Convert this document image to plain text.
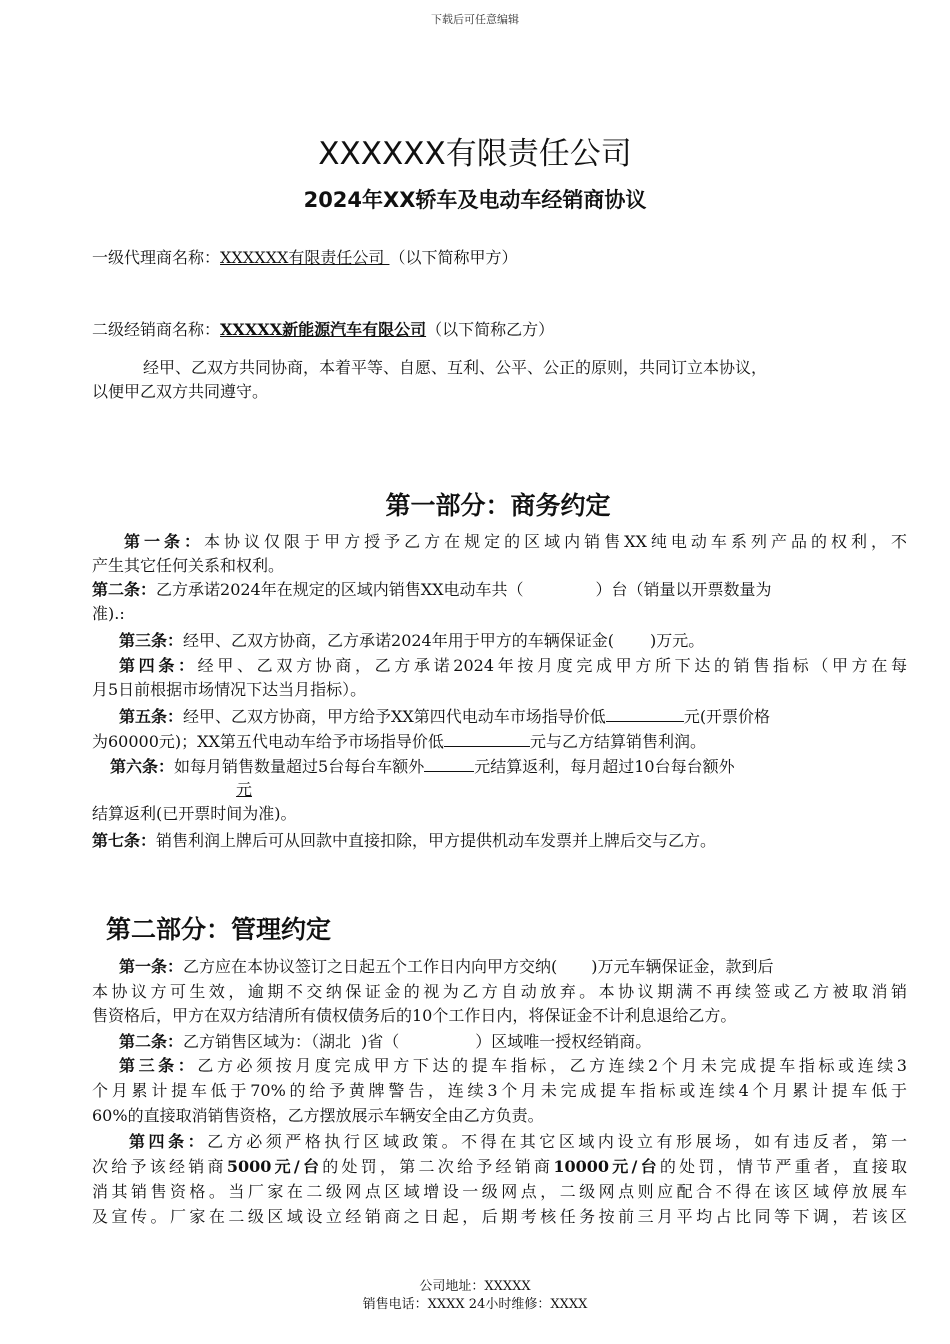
下载后可任意编辑
XXXXXX有限责任公司
2024年XX轿车及电动车经销商协议
一级代理商名称：XXXXXX有限责任公司 （以下简称甲方）
二级经销商名称：XXXXX新能源汽车有限公司（以下简称乙方）
经甲、乙双方共同协商，本着平等、自愿、互利、公平、公正的原则，共同订立本协议，
以便甲乙双方共同遵守。
第一部分：商务约定
第一条：本协议仅限于甲方授予乙方在规定的区域内销售XX纯电动车系列产品的权利，不
产生其它任何关系和权利。
第二条：乙方承诺2024年在规定的区域内销售XX电动车共（	）台（销量以开票数量为
准).:
第三条：经甲、乙双方协商，乙方承诺2024年用于甲方的车辆保证金( )万元。
第四条：经甲、乙双方协商，乙方承诺2024年按月度完成甲方所下达的销售指标（甲方在每
月5日前根据市场情况下达当月指标）。
第五条：经甲、乙双方协商，甲方给予XX第四代电动车市场指导价低	元(开票价格
为60000元)；XX第五代电动车给予市场指导价低	元与乙方结算销售利润。
第六条：如每月销售数量超过5台每台车额外	元结算返利，每月超过10台每台额外
元
结算返利(已开票时间为准)。
第七条：销售利润上牌后可从回款中直接扣除，甲方提供机动车发票并上牌后交与乙方。
第二部分：管理约定
第一条：乙方应在本协议签订之日起五个工作日内向甲方交纳( )万元车辆保证金，款到后
本协议方可生效，逾期不交纳保证金的视为乙方自动放弃。本协议期满不再续签或乙方被取消销
售资格后，甲方在双方结清所有债权债务后的10个工作日内，将保证金不计利息退给乙方。
第二条：乙方销售区域为：（湖北 )省（	）区域唯一授权经销商。
第三条：乙方必须按月度完成甲方下达的提车指标，乙方连续2个月未完成提车指标或连续3
个月累计提车低于70%的给予黄牌警告，连续3个月未完成提车指标或连续4个月累计提车低于
60%的直接取消销售资格，乙方摆放展示车辆安全由乙方负责。
第四条：乙方必须严格执行区域政策。不得在其它区域内设立有形展场，如有违反者，第一
次给予该经销商5000元/台的处罚，第二次给予经销商10000元/台的处罚，情节严重者，直接取
消其销售资格。当厂家在二级网点区域增设一级网点，二级网点则应配合不得在该区域停放展车
及宣传。厂家在二级区域设立经销商之日起，后期考核任务按前三月平均占比同等下调，若该区
公司地址：XXXXX
销售电话：XXXX 24小时维修：XXXX
